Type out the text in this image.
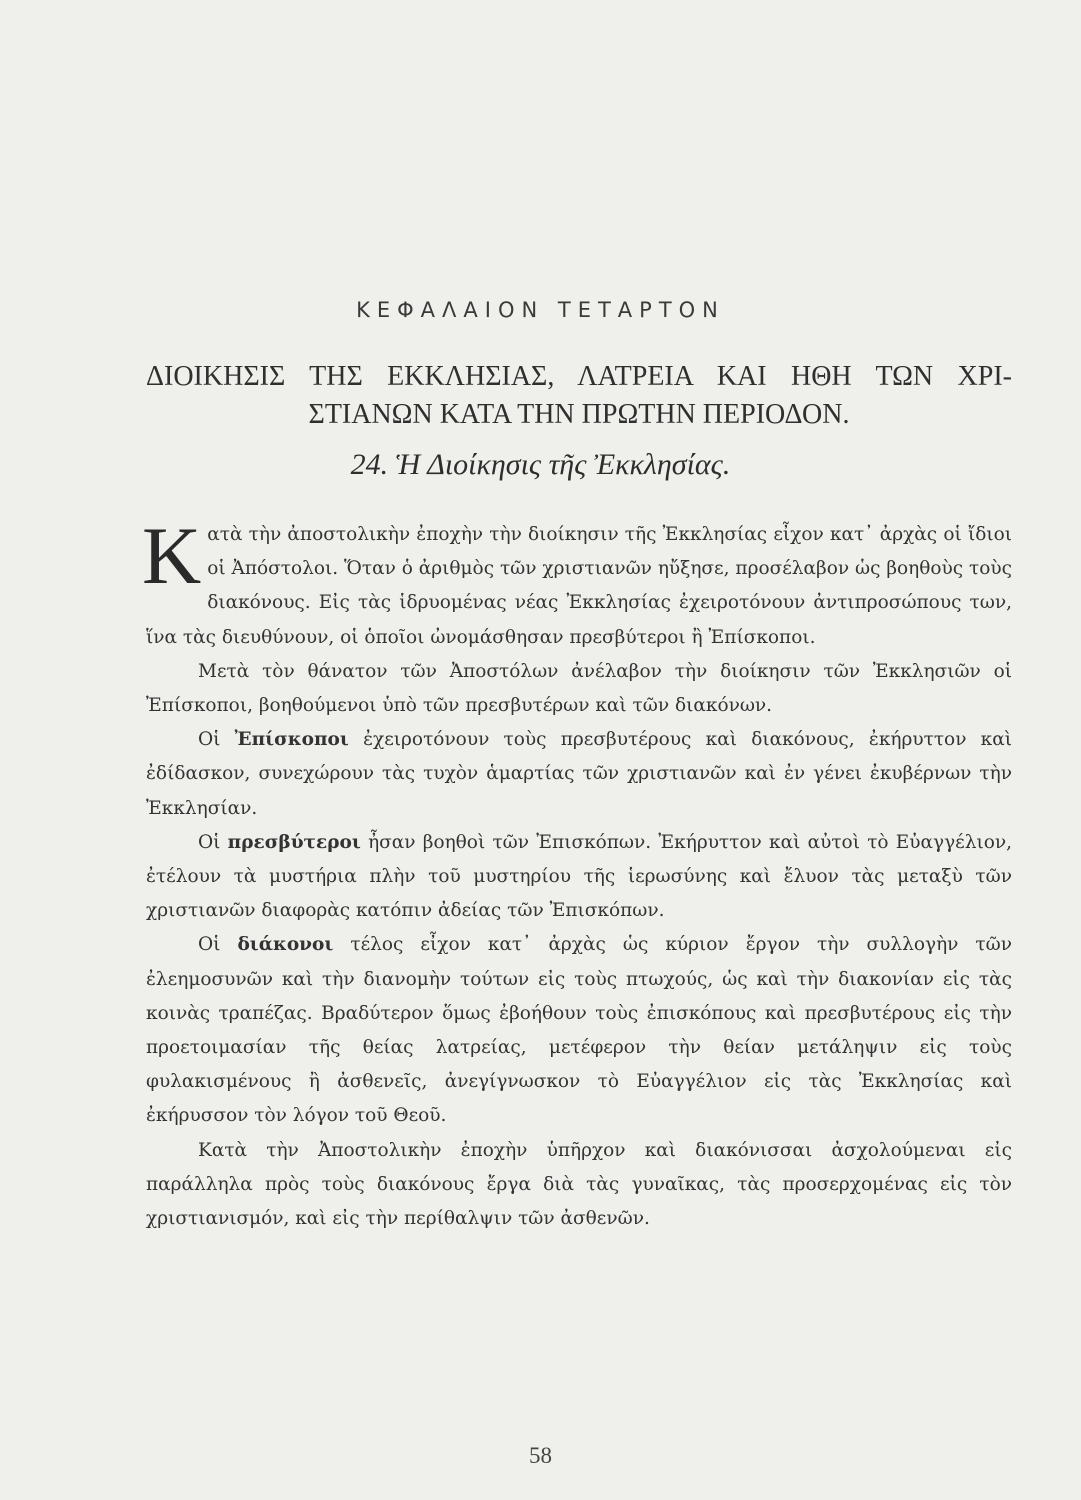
ΚΕΦΑΛΑΙΟΝ ΤΕΤΑΡΤΟΝ
ΔΙΟΙΚΗΣΙΣ ΤΗΣ ΕΚΚΛΗΣΙΑΣ, ΛΑΤΡΕΙΑ ΚΑΙ ΗΘΗ ΤΩΝ ΧΡΙ-
ΣΤΙΑΝΩΝ ΚΑΤΑ ΤΗΝ ΠΡΩΤΗΝ ΠΕΡΙΟΔΟΝ.
24. Ἡ Διοίκησις τῆς Ἐκκλησίας.

Κατὰ τὴν ἀποστολικὴν ἐποχὴν τὴν διοίκησιν τῆς Ἐκκλησίας εἶχον κατ᾽ ἀρχὰς οἱ ἴδιοι οἱ Ἀπόστολοι. Ὅταν ὁ ἀριθμὸς τῶν χριστιανῶν ηὔξησε, προσέλαβον ὡς βοηθοὺς τοὺς διακόνους. Εἰς τὰς ἱδρυομένας νέας Ἐκκλησίας ἐχειροτόνουν ἀντιπροσώπους των, ἵνα τὰς διευθύνουν, οἱ ὁποῖοι ὠνομάσθησαν πρεσβύτεροι ἢ Ἐπίσκοποι.

Μετὰ τὸν θάνατον τῶν Ἀποστόλων ἀνέλαβον τὴν διοίκησιν τῶν Ἐκκλησιῶν οἱ Ἐπίσκοποι, βοηθούμενοι ὑπὸ τῶν πρεσβυτέρων καὶ τῶν διακόνων.

Οἱ Ἐπίσκοποι ἐχειροτόνουν τοὺς πρεσβυτέρους καὶ διακόνους, ἐκήρυττον καὶ ἐδίδασκον, συνεχώρουν τὰς τυχὸν ἁμαρτίας τῶν χριστιανῶν καὶ ἐν γένει ἐκυβέρνων τὴν Ἐκκλησίαν.

Οἱ πρεσβύτεροι ἦσαν βοηθοὶ τῶν Ἐπισκόπων. Ἐκήρυττον καὶ αὐτοὶ τὸ Εὐαγγέλιον, ἐτέλουν τὰ μυστήρια πλὴν τοῦ μυστηρίου τῆς ἱερωσύνης καὶ ἔλυον τὰς μεταξὺ τῶν χριστιανῶν διαφορὰς κατόπιν ἀδείας τῶν Ἐπισκόπων.

Οἱ διάκονοι τέλος εἶχον κατ᾽ ἀρχὰς ὡς κύριον ἔργον τὴν συλλογὴν τῶν ἐλεημοσυνῶν καὶ τὴν διανομὴν τούτων εἰς τοὺς πτωχούς, ὡς καὶ τὴν διακονίαν εἰς τὰς κοινὰς τραπέζας. Βραδύτερον ὅμως ἐβοήθουν τοὺς ἐπισκόπους καὶ πρεσβυτέρους εἰς τὴν προετοιμασίαν τῆς θείας λατρείας, μετέφερον τὴν θείαν μετάληψιν εἰς τοὺς φυλακισμένους ἢ ἀσθενεῖς, ἀνεγίγνωσκον τὸ Εὐαγγέλιον εἰς τὰς Ἐκκλησίας καὶ ἐκήρυσσον τὸν λόγον τοῦ Θεοῦ.

Κατὰ τὴν Ἀποστολικὴν ἐποχὴν ὑπῆρχον καὶ διακόνισσαι ἀσχολούμεναι εἰς παράλληλα πρὸς τοὺς διακόνους ἔργα διὰ τὰς γυναῖκας, τὰς προσερχομένας εἰς τὸν χριστιανισμόν, καὶ εἰς τὴν περίθαλψιν τῶν ἀσθενῶν.

58
